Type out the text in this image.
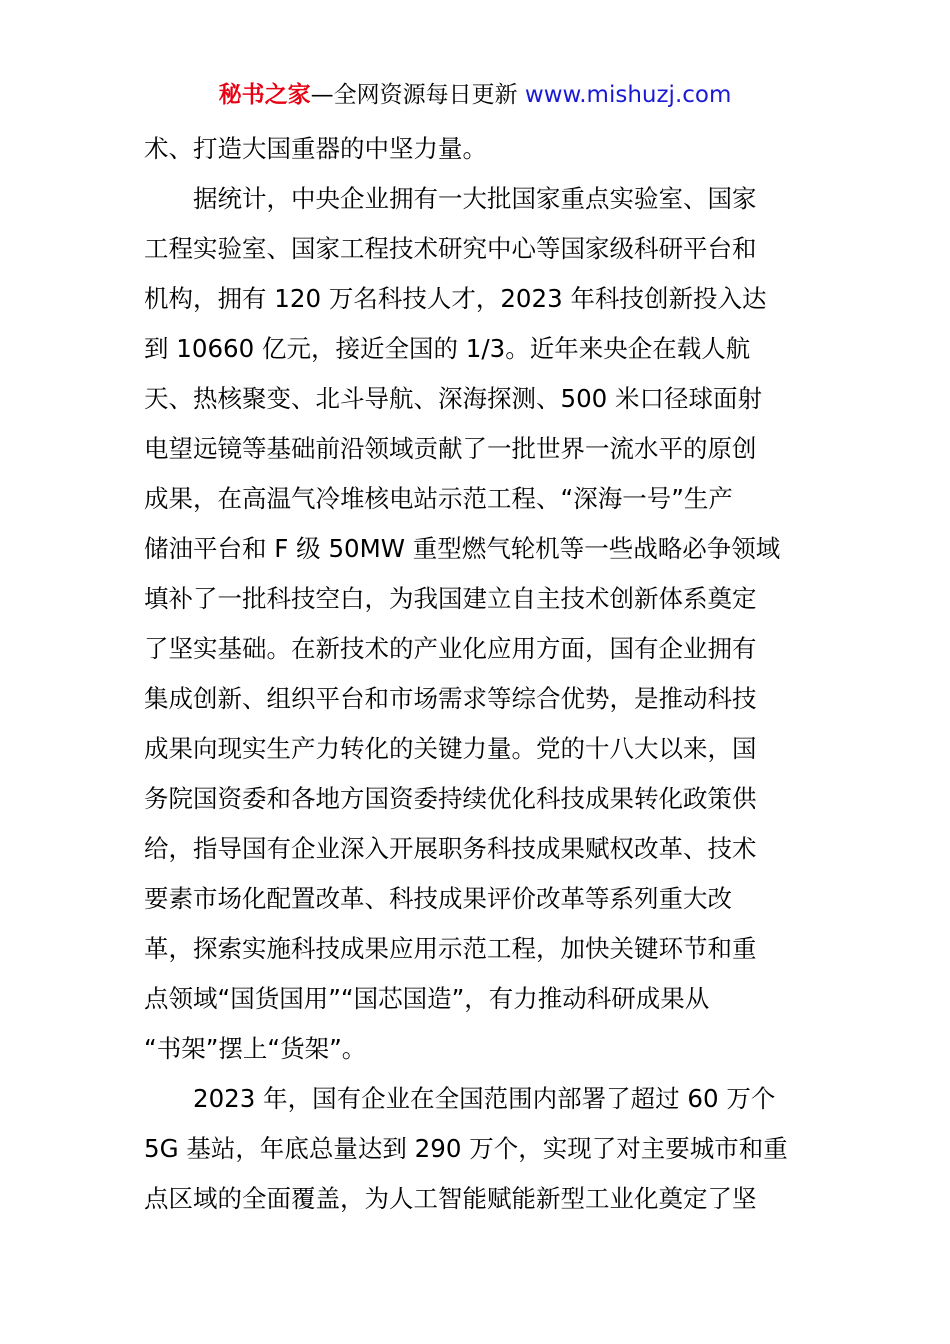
秘书之家—全网资源每日更新 www.mishuzj.com
术、打造大国重器的中坚力量。
据统计，中央企业拥有一大批国家重点实验室、国家
工程实验室、国家工程技术研究中心等国家级科研平台和
机构，拥有 120 万名科技人才，2023 年科技创新投入达
到 10660 亿元，接近全国的 1/3。近年来央企在载人航
天、热核聚变、北斗导航、深海探测、500 米口径球面射
电望远镜等基础前沿领域贡献了一批世界一流水平的原创
成果，在高温气冷堆核电站示范工程、“深海一号”生产
储油平台和 F 级 50MW 重型燃气轮机等一些战略必争领域
填补了一批科技空白，为我国建立自主技术创新体系奠定
了坚实基础。在新技术的产业化应用方面，国有企业拥有
集成创新、组织平台和市场需求等综合优势，是推动科技
成果向现实生产力转化的关键力量。党的十八大以来，国
务院国资委和各地方国资委持续优化科技成果转化政策供
给，指导国有企业深入开展职务科技成果赋权改革、技术
要素市场化配置改革、科技成果评价改革等系列重大改
革，探索实施科技成果应用示范工程，加快关键环节和重
点领域“国货国用”“国芯国造”，有力推动科研成果从
“书架”摆上“货架”。
2023 年，国有企业在全国范围内部署了超过 60 万个
5G 基站，年底总量达到 290 万个，实现了对主要城市和重
点区域的全面覆盖，为人工智能赋能新型工业化奠定了坚
